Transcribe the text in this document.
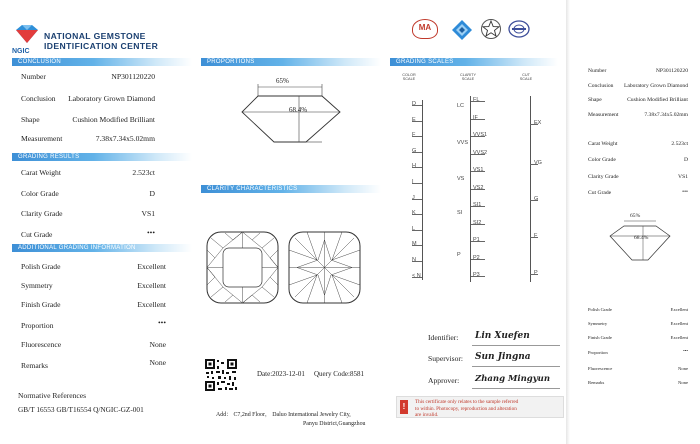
NGIC
NATIONAL GEMSTONE
IDENTIFICATION CENTER
MA
CONCLUSION
Number	NP301120220
Conclusion Laboratory Grown Diamond
Shape	Cushion Modified Brilliant
Measurement	7.38x7.34x5.02mm
GRADING RESULTS
Carat Weight	2.523ct
Color Grade	D
Clarity Grade	VS1
Cut Grade	•••
ADDITIONAL GRADING INFORMATION
Polish Grade	Excellent
Symmetry	Excellent
Finish Grade	Excellent
Proportion	•••
Fluorescence	None
Remarks	None
Normative References
GB/T 16553 GB/T16554 Q/NGIC-GZ-001
PROPORTIONS
65%
68.4%
CLARITY CHARACTERISTICS
Date:2023-12-01 Query Code:8581
Add： C7,2nd Floor， Daluo International Jewelry City,
Panyu District,Guangzhou
GRADING SCALES
COLOR SCALE
CLARITY SCALE
CUT SCALE
D
E
F
G
H
I
J
K
L
M
N
< N
FL
IF
VVS1
VVS2
VS1
VS2
SI1
SI2
P1
P2
P3
LC
VVS
VS
SI
P
EX
VG
G
F
P
Identifier: Lin Xuefen
Supervisor: Sun Jingna
Approver: Zhang Mingyun
!	This certificate only relates to the sample referred
to within. Photocopy, reproduction and alteration
are invalid.
Number	NP301120220
Conclusion Laboratory Grown Diamond
Shape	Cushion Modified Brilliant
Measurement	7.38x7.34x5.02mm
Carat Weight	2.523ct
Color Grade	D
Clarity Grade	VS1
Cut Grade	•••
65%
68.4%
Polish Grade	Excellent
Symmetry	Excellent
Finish Grade	Excellent
Proportion	•••
Fluorescence	None
Remarks	None
